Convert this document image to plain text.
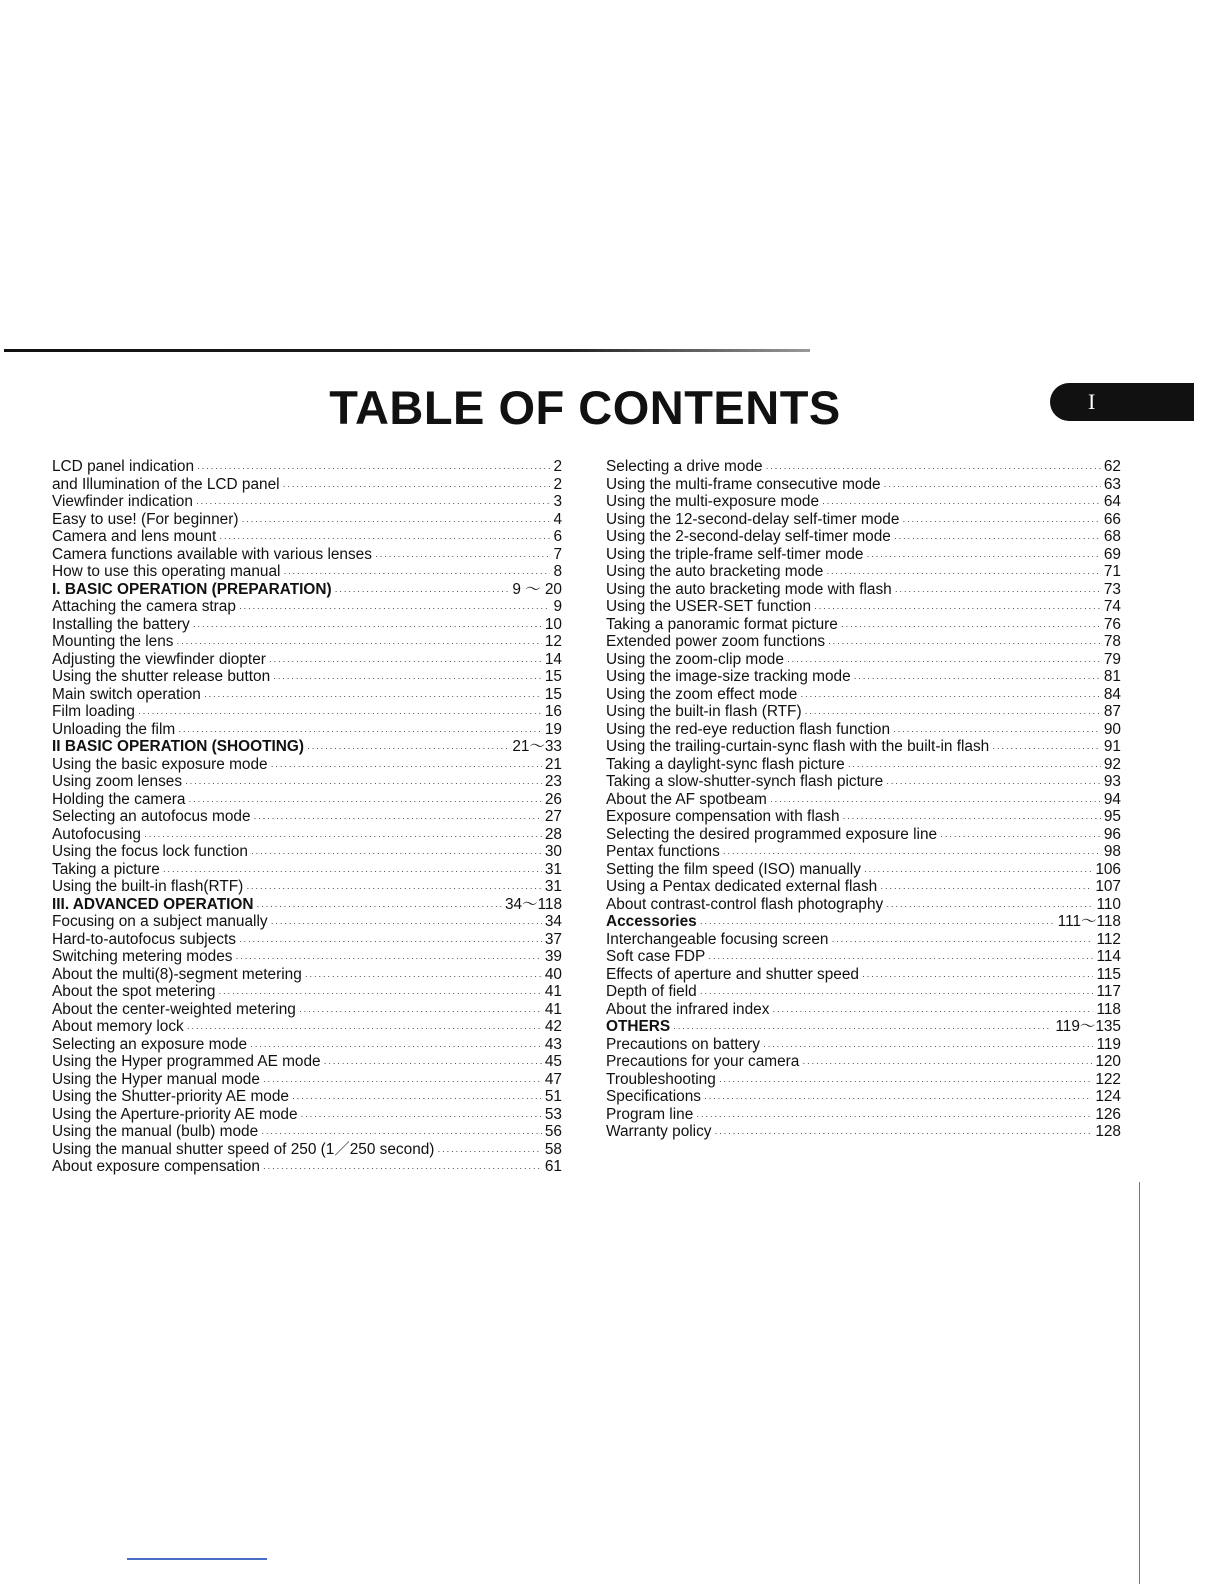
TABLE OF CONTENTS	I
LCD panel indication ·····	2
and Illumination of the LCD panel ·····	2
Viewfinder indication ·····	3
Easy to use! (For beginner) ·····	4
Camera and lens mount ·····	6
Camera functions available with various lenses ·····	7
How to use this operating manual ·····	8
I. BASIC OPERATION (PREPARATION) ·····	9 ～ 20
Attaching the camera strap ·····	9
Installing the battery ·····	10
Mounting the lens ·····	12
Adjusting the viewfinder diopter ·····	14
Using the shutter release button ·····	15
Main switch operation ·····	15
Film loading ·····	16
Unloading the film ·····	19
II BASIC OPERATION (SHOOTING) ·····	21～33
Using the basic exposure mode ·····	21
Using zoom lenses ·····	23
Holding the camera ·····	26
Selecting an autofocus mode ·····	27
Autofocusing ·····	28
Using the focus lock function ·····	30
Taking a picture ·····	31
Using the built-in flash(RTF) ·····	31
III. ADVANCED OPERATION ·····	34～118
Focusing on a subject manually ·····	34
Hard-to-autofocus subjects ·····	37
Switching metering modes ·····	39
About the multi(8)-segment metering ·····	40
About the spot metering ·····	41
About the center-weighted metering ·····	41
About memory lock ·····	42
Selecting an exposure mode ·····	43
Using the Hyper programmed AE mode ·····	45
Using the Hyper manual mode ·····	47
Using the Shutter-priority AE mode ·····	51
Using the Aperture-priority AE mode ·····	53
Using the manual (bulb) mode ·····	56
Using the manual shutter speed of 250 (1／250 second) ·····	58
About exposure compensation ·····	61
Selecting a drive mode ·····	62
Using the multi-frame consecutive mode ·····	63
Using the multi-exposure mode ·····	64
Using the 12-second-delay self-timer mode ·····	66
Using the 2-second-delay self-timer mode ·····	68
Using the triple-frame self-timer mode ·····	69
Using the auto bracketing mode ·····	71
Using the auto bracketing mode with flash ·····	73
Using the USER-SET function ·····	74
Taking a panoramic format picture ·····	76
Extended power zoom functions ·····	78
Using the zoom-clip mode ·····	79
Using the image-size tracking mode ·····	81
Using the zoom effect mode ·····	84
Using the built-in flash (RTF) ·····	87
Using the red-eye reduction flash function ·····	90
Using the trailing-curtain-sync flash with the built-in flash ·····	91
Taking a daylight-sync flash picture ·····	92
Taking a slow-shutter-synch flash picture ·····	93
About the AF spotbeam ·····	94
Exposure compensation with flash ·····	95
Selecting the desired programmed exposure line ·····	96
Pentax functions ·····	98
Setting the film speed (ISO) manually ·····	106
Using a Pentax dedicated external flash ·····	107
About contrast-control flash photography ·····	110
Accessories ·····	111～118
Interchangeable focusing screen ·····	112
Soft case FDP ·····	114
Effects of aperture and shutter speed ·····	115
Depth of field ·····	117
About the infrared index ·····	118
OTHERS ·····	119～135
Precautions on battery ·····	119
Precautions for your camera ·····	120
Troubleshooting ·····	122
Specifications ·····	124
Program line ·····	126
Warranty policy ·····	128
